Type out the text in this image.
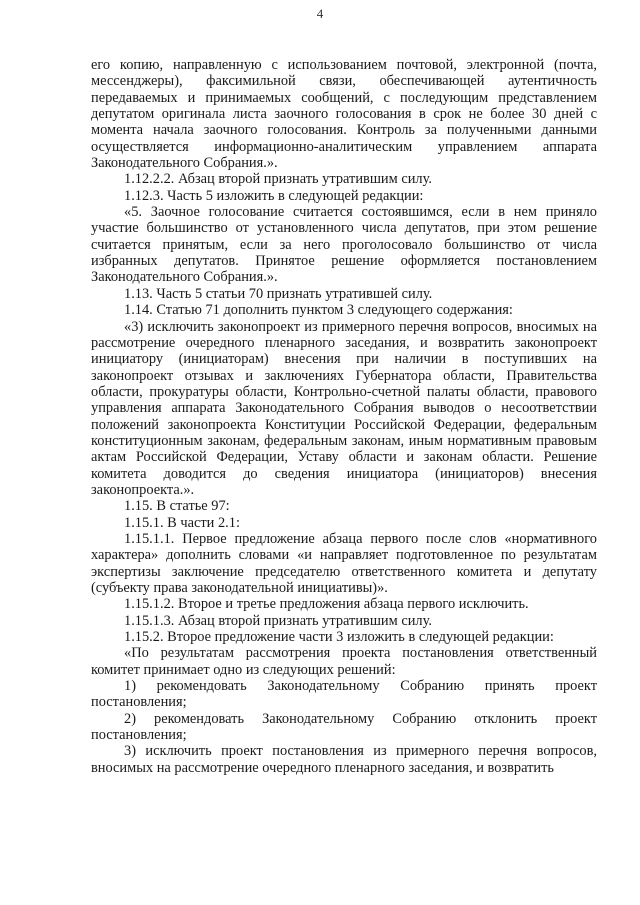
4

его копию, направленную с использованием почтовой, электронной (почта, мессенджеры), факсимильной связи, обеспечивающей аутентичность передаваемых и принимаемых сообщений, с последующим представлением депутатом оригинала листа заочного голосования в срок не более 30 дней с момента начала заочного голосования. Контроль за полученными данными осуществляется информационно-аналитическим управлением аппарата Законодательного Собрания.».

1.12.2.2. Абзац второй признать утратившим силу.

1.12.3. Часть 5 изложить в следующей редакции:

«5. Заочное голосование считается состоявшимся, если в нем приняло участие большинство от установленного числа депутатов, при этом решение считается принятым, если за него проголосовало большинство от числа избранных депутатов. Принятое решение оформляется постановлением Законодательного Собрания.».

1.13. Часть 5 статьи 70 признать утратившей силу.

1.14. Статью 71 дополнить пунктом 3 следующего содержания:

«3) исключить законопроект из примерного перечня вопросов, вносимых на рассмотрение очередного пленарного заседания, и возвратить законопроект инициатору (инициаторам) внесения при наличии в поступивших на законопроект отзывах и заключениях Губернатора области, Правительства области, прокуратуры области, Контрольно-счетной палаты области, правового управления аппарата Законодательного Собрания выводов о несоответствии положений законопроекта Конституции Российской Федерации, федеральным конституционным законам, федеральным законам, иным нормативным правовым актам Российской Федерации, Уставу области и законам области. Решение комитета доводится до сведения инициатора (инициаторов) внесения законопроекта.».

1.15. В статье 97:

1.15.1. В части 2.1:

1.15.1.1. Первое предложение абзаца первого после слов «нормативного характера» дополнить словами «и направляет подготовленное по результатам экспертизы заключение председателю ответственного комитета и депутату (субъекту права законодательной инициативы)».

1.15.1.2. Второе и третье предложения абзаца первого исключить.

1.15.1.3. Абзац второй признать утратившим силу.

1.15.2. Второе предложение части 3 изложить в следующей редакции:

«По результатам рассмотрения проекта постановления ответственный комитет принимает одно из следующих решений:

1) рекомендовать Законодательному Собранию принять проект постановления;

2) рекомендовать Законодательному Собранию отклонить проект постановления;

3) исключить проект постановления из примерного перечня вопросов, вносимых на рассмотрение очередного пленарного заседания, и возвратить
